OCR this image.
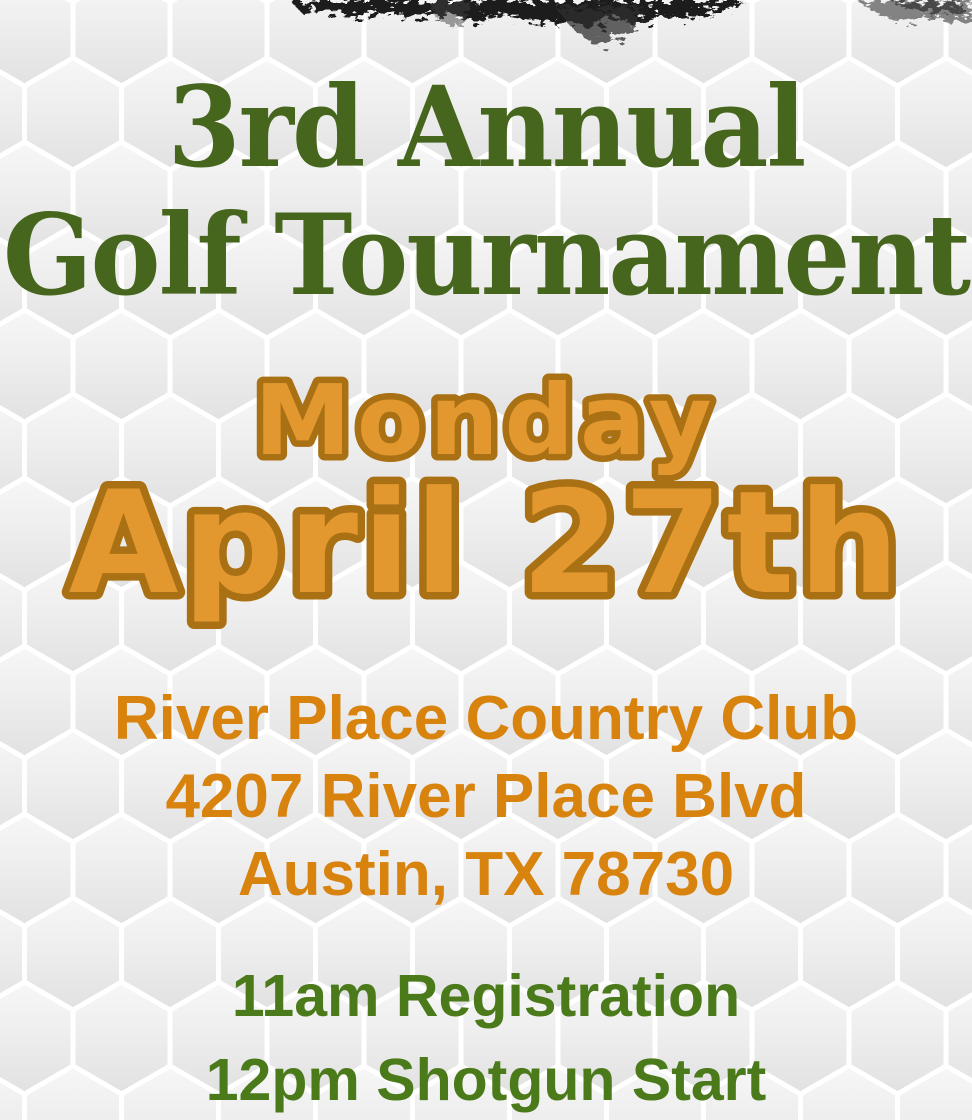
3rd Annual
Golf Tournament
Monday
April 27th
River Place Country Club
4207 River Place Blvd
Austin, TX 78730
11am Registration
12pm Shotgun Start
